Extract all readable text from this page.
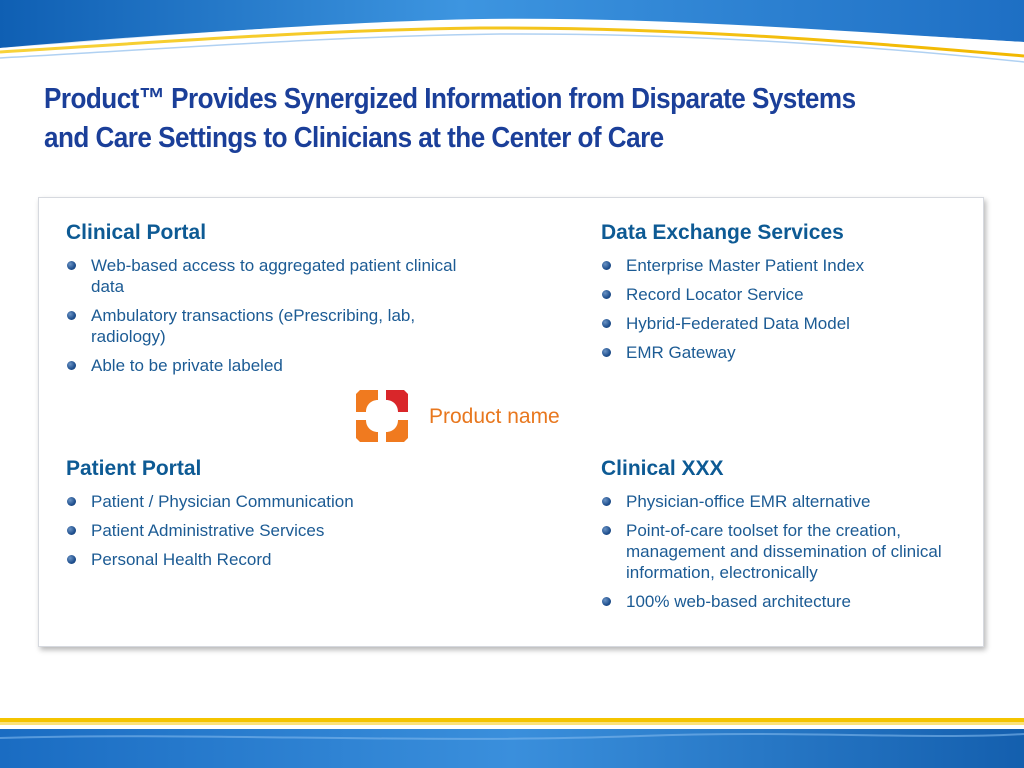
Product™ Provides Synergized Information from Disparate Systems and Care Settings to Clinicians at the Center of Care
Clinical Portal
Web-based access to aggregated patient clinical data
Ambulatory transactions (ePrescribing, lab, radiology)
Able to be private labeled
Data Exchange Services
Enterprise Master Patient Index
Record Locator Service
Hybrid-Federated Data Model
EMR Gateway
Product name
Patient Portal
Patient / Physician Communication
Patient Administrative Services
Personal Health Record
Clinical XXX
Physician-office EMR alternative
Point-of-care toolset for the creation, management and dissemination of clinical information, electronically
100% web-based architecture
